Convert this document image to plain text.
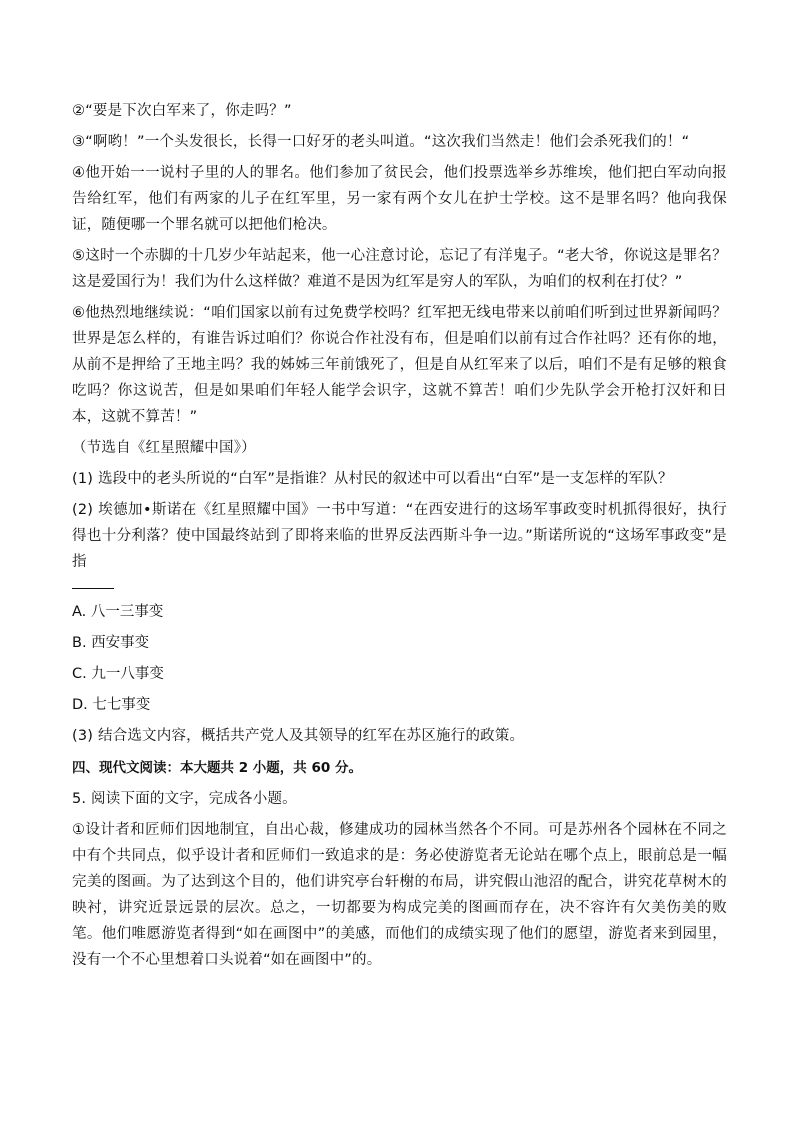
②“要是下次白军来了，你走吗？”

③“啊哟！”一个头发很长，长得一口好牙的老头叫道。“这次我们当然走！他们会杀死我们的！“

④他开始一一说村子里的人的罪名。他们参加了贫民会，他们投票选举乡苏维埃，他们把白军动向报告给红军，他们有两家的儿子在红军里，另一家有两个女儿在护士学校。这不是罪名吗？他向我保证，随便哪一个罪名就可以把他们枪决。

⑤这时一个赤脚的十几岁少年站起来，他一心注意讨论，忘记了有洋鬼子。“老大爷，你说这是罪名？这是爱国行为！我们为什么这样做？难道不是因为红军是穷人的军队，为咱们的权利在打仗？”

⑥他热烈地继续说：“咱们国家以前有过免费学校吗？红军把无线电带来以前咱们听到过世界新闻吗？世界是怎么样的，有谁告诉过咱们？你说合作社没有布，但是咱们以前有过合作社吗？还有你的地，从前不是押给了王地主吗？我的姊姊三年前饿死了，但是自从红军来了以后，咱们不是有足够的粮食吃吗？你这说苦，但是如果咱们年轻人能学会识字，这就不算苦！咱们少先队学会开枪打汉奸和日本，这就不算苦！”

（节选自《红星照耀中国》）

(1) 选段中的老头所说的“白军”是指谁？从村民的叙述中可以看出“白军”是一支怎样的军队？

(2) 埃德加•斯诺在《红星照耀中国》一书中写道：“在西安进行的这场军事政变时机抓得很好，执行得也十分利落？使中国最终站到了即将来临的世界反法西斯斗争一边。”斯诺所说的“这场军事政变”是指

A. 八一三事变

B. 西安事变

C. 九一八事变

D. 七七事变

(3) 结合选文内容，概括共产党人及其领导的红军在苏区施行的政策。

四、现代文阅读：本大题共 2 小题，共 60 分。

5. 阅读下面的文字，完成各小题。

①设计者和匠师们因地制宜，自出心裁，修建成功的园林当然各个不同。可是苏州各个园林在不同之中有个共同点，似乎设计者和匠师们一致追求的是：务必使游览者无论站在哪个点上，眼前总是一幅完美的图画。为了达到这个目的，他们讲究亭台轩榭的布局，讲究假山池沼的配合，讲究花草树木的映衬，讲究近景远景的层次。总之，一切都要为构成完美的图画而存在，决不容许有欠美伤美的败笔。他们唯愿游览者得到“如在画图中”的美感，而他们的成绩实现了他们的愿望，游览者来到园里，没有一个不心里想着口头说着“如在画图中”的。
